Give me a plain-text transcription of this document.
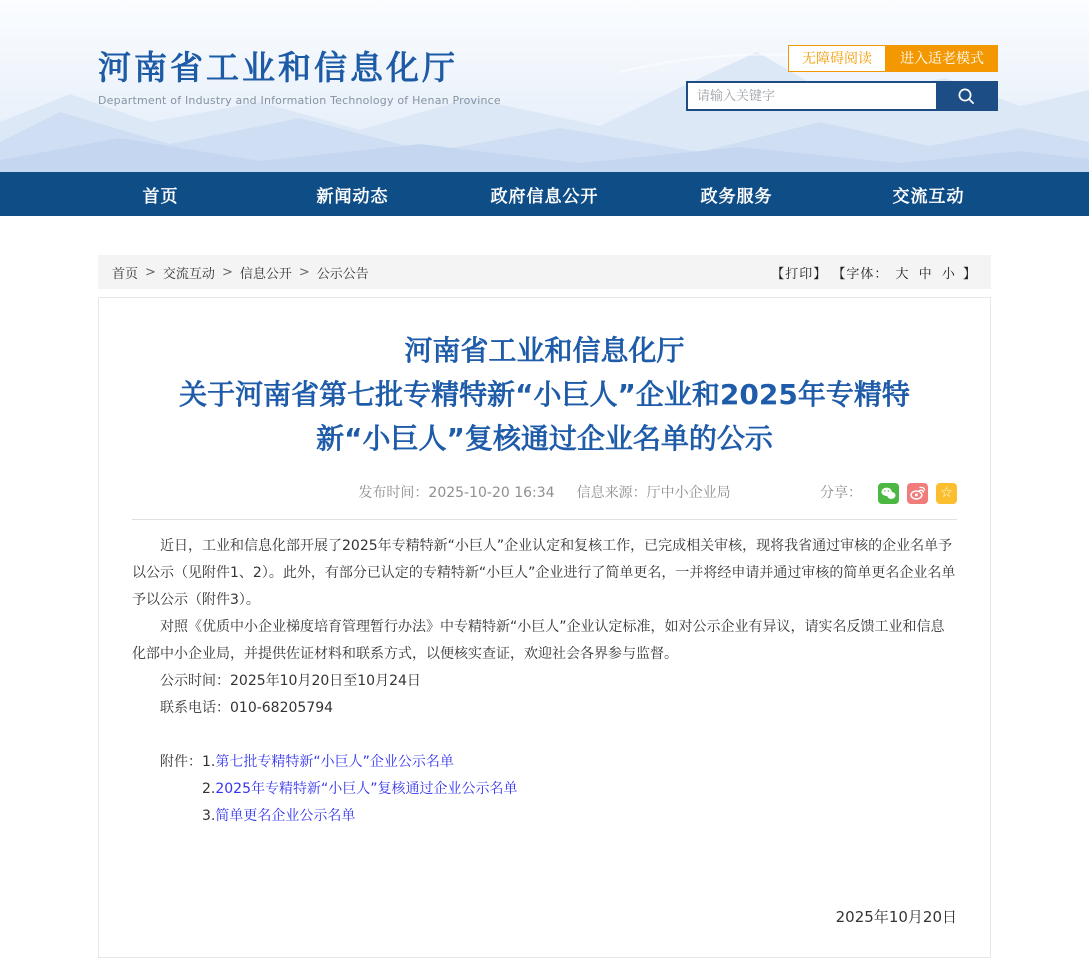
河南省工业和信息化厅
Department of Industry and Information Technology of Henan Province
无障碍阅读	进入适老模式
请输入关键字
首页	新闻动态	政府信息公开	政务服务	交流互动
首页 > 交流互动 > 信息公开 > 公示公告	【打印】 【字体： 大 中 小 】
河南省工业和信息化厅
关于河南省第七批专精特新“小巨人”企业和2025年专精特新“小巨人”复核通过企业名单的公示
发布时间：2025-10-20 16:34 信息来源：厅中小企业局	分享：	☆

近日，工业和信息化部开展了2025年专精特新“小巨人”企业认定和复核工作，已完成相关审核，现将我省通过审核的企业名单予以公示（见附件1、2）。此外，有部分已认定的专精特新“小巨人”企业进行了简单更名，一并将经申请并通过审核的简单更名企业名单予以公示（附件3）。

对照《优质中小企业梯度培育管理暂行办法》中专精特新“小巨人”企业认定标准，如对公示企业有异议，请实名反馈工业和信息化部中小企业局，并提供佐证材料和联系方式，以便核实查证，欢迎社会各界参与监督。

公示时间：2025年10月20日至10月24日

联系电话：010-68205794

附件：1.第七批专精特新“小巨人”企业公示名单
2.2025年专精特新“小巨人”复核通过企业公示名单
3.简单更名企业公示名单
2025年10月20日
